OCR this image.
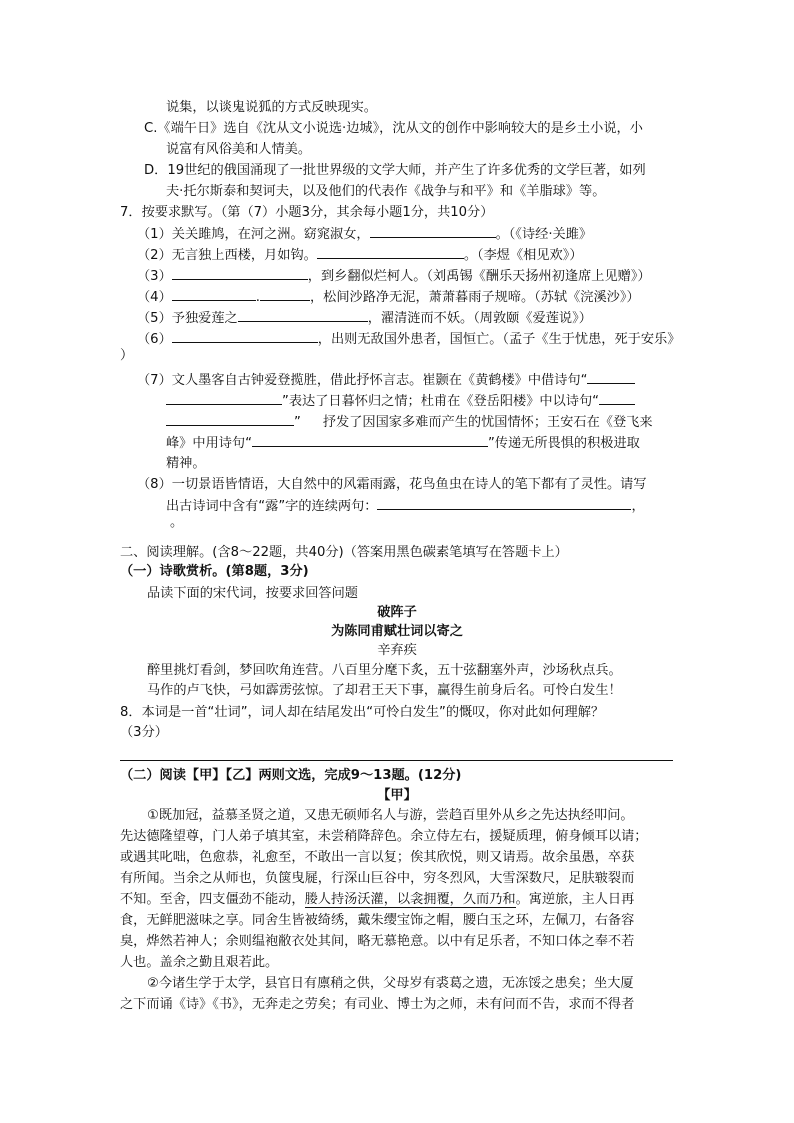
说集，以谈鬼说狐的方式反映现实。
C.《端午日》选自《沈从文小说选·边城》，沈从文的创作中影响较大的是乡土小说，小
说富有风俗美和人情美。
D．19世纪的俄国涌现了一批世界级的文学大师，并产生了许多优秀的文学巨著，如列
夫·托尔斯泰和契诃夫，以及他们的代表作《战争与和平》和《羊脂球》等。
7．按要求默写。（第（7）小题3分，其余每小题1分，共10分）
（1）关关雎鸠，在河之洲。窈窕淑女，	。（《诗经·关雎》
（2）无言独上西楼，月如钩。	。（李煜《相见欢》）
（3）	，到乡翻似烂柯人。（刘禹锡《酬乐天扬州初逢席上见赠》）
（4）	.	，松间沙路净无泥，萧萧暮雨子规啼。（苏轼《浣溪沙》）
（5）予独爱莲之	，濯清涟而不妖。（周敦颐《爱莲说》）
（6）	，出则无敌国外患者，国恒亡。（孟子《生于忧患，死于安乐》
）
（7）文人墨客自古钟爱登揽胜，借此抒怀言志。崔颢在《黄鹤楼》中借诗句“
”表达了日暮怀归之情；杜甫在《登岳阳楼》中以诗句“
” 抒发了因国家多难而产生的忧国情怀；王安石在《登飞来
峰》中用诗句“	”传递无所畏惧的积极进取
精神。
（8）一切景语皆情语，大自然中的风霜雨露，花鸟鱼虫在诗人的笔下都有了灵性。请写
出古诗词中含有“露”字的连续两句：	，
。
二、阅读理解。(含8～22题，共40分)（答案用黑色碳素笔填写在答题卡上）
（一）诗歌赏析。(第8题，3分)
品读下面的宋代词，按要求回答问题
破阵子
为陈同甫赋壮词以寄之
辛弃疾
醉里挑灯看剑，梦回吹角连营。八百里分麾下炙，五十弦翻塞外声，沙场秋点兵。
马作的卢飞快，弓如霹雳弦惊。了却君王天下事，赢得生前身后名。可怜白发生！
8．本词是一首“壮词”，词人却在结尾发出“可怜白发生”的慨叹，你对此如何理解？
（3分）
（二）阅读【甲】【乙】两则文选，完成9～13题。(12分)
【甲】
①既加冠，益慕圣贤之道，又患无硕师名人与游，尝趋百里外从乡之先达执经叩问。
先达德隆望尊，门人弟子填其室，未尝稍降辞色。余立侍左右，援疑质理，俯身倾耳以请；
或遇其叱咄，色愈恭，礼愈至，不敢出一言以复；俟其欣悦，则又请焉。故余虽愚，卒获
有所闻。当余之从师也，负箧曳屣，行深山巨谷中，穷冬烈风，大雪深数尺，足肤皲裂而
不知。至舍，四支僵劲不能动，媵人持汤沃灌，以衾拥覆，久而乃和。寓逆旅，主人日再
食，无鲜肥滋味之享。同舍生皆被绮绣，戴朱缨宝饰之帽，腰白玉之环，左佩刀，右备容
臭，烨然若神人；余则缊袍敝衣处其间，略无慕艳意。以中有足乐者，不知口体之奉不若
人也。盖余之勤且艰若此。
②今诸生学于太学，县官日有廪稍之供，父母岁有裘葛之遗，无冻馁之患矣；坐大厦
之下而诵《诗》《书》，无奔走之劳矣；有司业、博士为之师，未有问而不告，求而不得者
